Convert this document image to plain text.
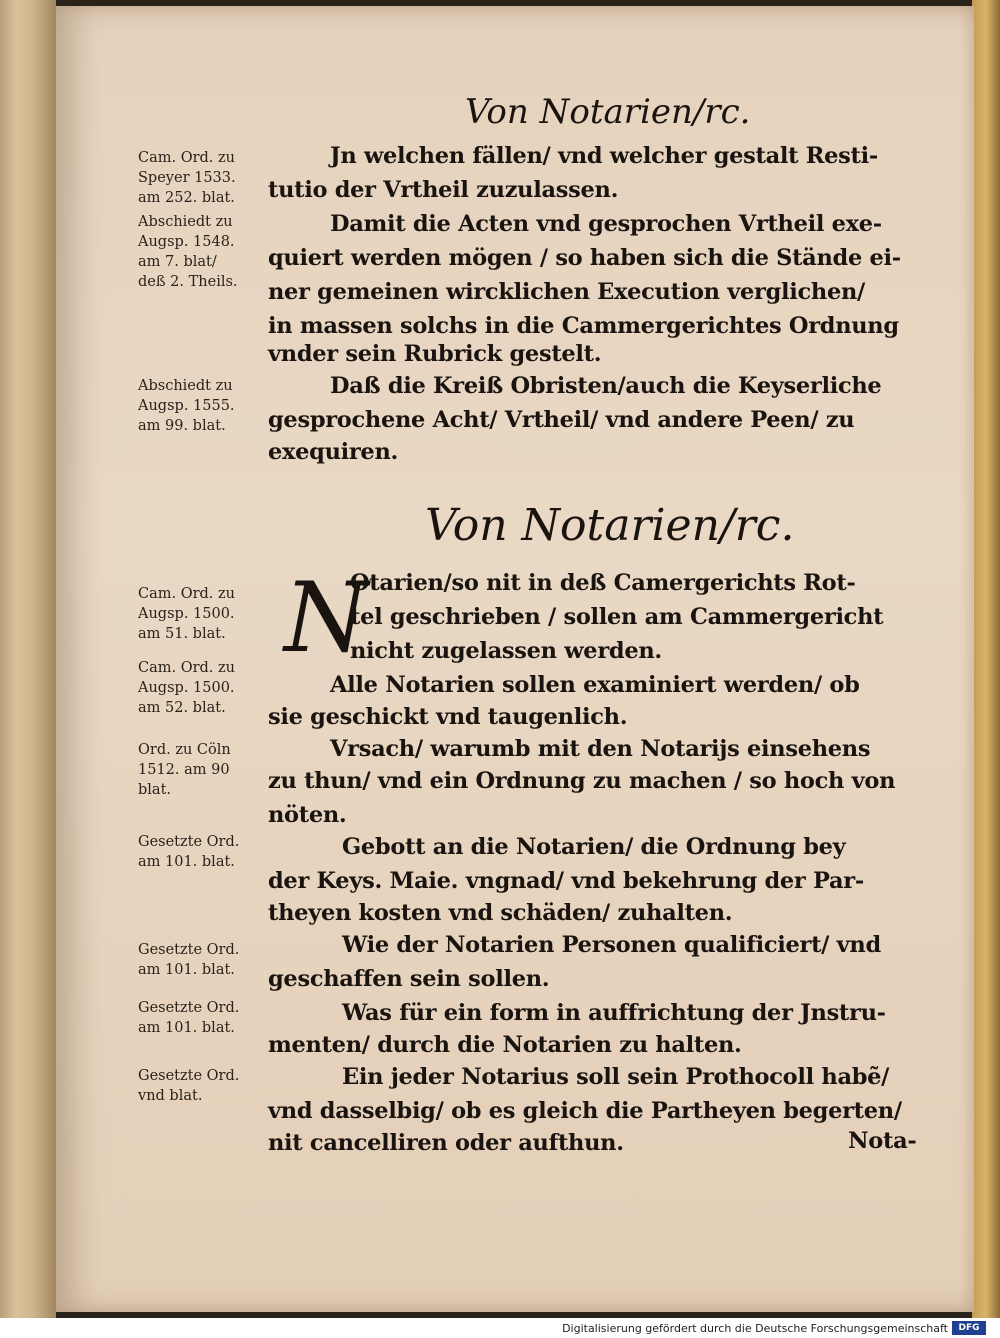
Von Notarien/rc.
Cam. Ord. zu
Speyer 1533.
am 252. blat.
Abschiedt zu
Augsp. 1548.
am 7. blat/
deß 2. Theils.
Abschiedt zu
Augsp. 1555.
am 99. blat.
Cam. Ord. zu
Augsp. 1500.
am 51. blat.
Cam. Ord. zu
Augsp. 1500.
am 52. blat.
Ord. zu Cöln
1512. am 90
blat.
Gesetzte Ord.
am 101. blat.
Gesetzte Ord.
am 101. blat.
Gesetzte Ord.
am 101. blat.
Gesetzte Ord.
vnd blat.
Jn welchen fällen/ vnd welcher gestalt Resti-
tutio der Vrtheil zuzulassen.
Damit die Acten vnd gesprochen Vrtheil exe-
quiert werden mögen / so haben sich die Stände ei-
ner gemeinen wircklichen Execution verglichen/
in massen solchs in die Cammergerichtes Ordnung
vnder sein Rubrick gestelt.
Daß die Kreiß Obristen/auch die Keyserliche
gesprochene Acht/ Vrtheil/ vnd andere Peen/ zu
exequiren.
Von Notarien/rc.
N
Otarien/so nit in deß Camergerichts Rot-
tel geschrieben / sollen am Cammergericht
nicht zugelassen werden.
Alle Notarien sollen examiniert werden/ ob
sie geschickt vnd taugenlich.
Vrsach/ warumb mit den Notarijs einsehens
zu thun/ vnd ein Ordnung zu machen / so hoch von
nöten.
Gebott an die Notarien/ die Ordnung bey
der Keys. Maie. vngnad/ vnd bekehrung der Par-
theyen kosten vnd schäden/ zuhalten.
Wie der Notarien Personen qualificiert/ vnd
geschaffen sein sollen.
Was für ein form in auffrichtung der Jnstru-
menten/ durch die Notarien zu halten.
Ein jeder Notarius soll sein Prothocoll habẽ/
vnd dasselbig/ ob es gleich die Partheyen begerten/
nit cancelliren oder aufthun.	Nota-
Digitalisierung gefördert durch die Deutsche Forschungsgemeinschaft	DFG
